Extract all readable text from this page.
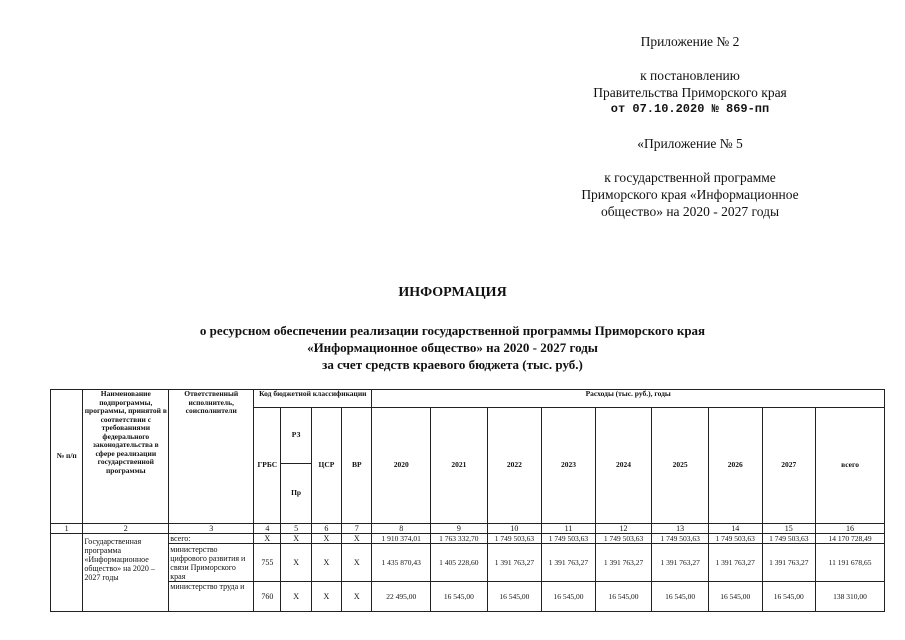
Приложение № 2
к постановлению
Правительства Приморского края
от 07.10.2020 № 869-пп
«Приложение № 5
к государственной программе
Приморского края «Информационное
общество» на 2020 - 2027 годы
ИНФОРМАЦИЯ
о ресурсном обеспечении реализации государственной программы Приморского края
«Информационное общество» на 2020 - 2027 годы
за счет средств краевого бюджета (тыс. руб.)
№ п/п	Наименование подпрограммы, программы, принятой в соответствии с требованиями федерального законодательства в сфере реализации государственной программы	Ответственный исполнитель, соисполнители	Код бюджетной классификации				Расходы (тыс. руб.), годы								
			ГРБС	РЗ	ЦСР	ВР	2020	2021	2022	2023	2024	2025	2026	2027	всего
				Пр											
1	2	3	4	5	6	7	8	9	10	11	12	13	14	15	16
	Государственная программа «Информационное общество» на 2020 – 2027 годы	всего:	Х	Х	Х	Х	1 910 374,01	1 763 332,70	1 749 503,63	1 749 503,63	1 749 503,63	1 749 503,63	1 749 503,63	1 749 503,63	14 170 728,49
		министерство цифрового развития и связи Приморского края	755	Х	Х	Х	1 435 870,43	1 405 228,60	1 391 763,27	1 391 763,27	1 391 763,27	1 391 763,27	1 391 763,27	1 391 763,27	11 191 678,65
		министерство труда и	760	Х	Х	Х	22 495,00	16 545,00	16 545,00	16 545,00	16 545,00	16 545,00	16 545,00	16 545,00	138 310,00
